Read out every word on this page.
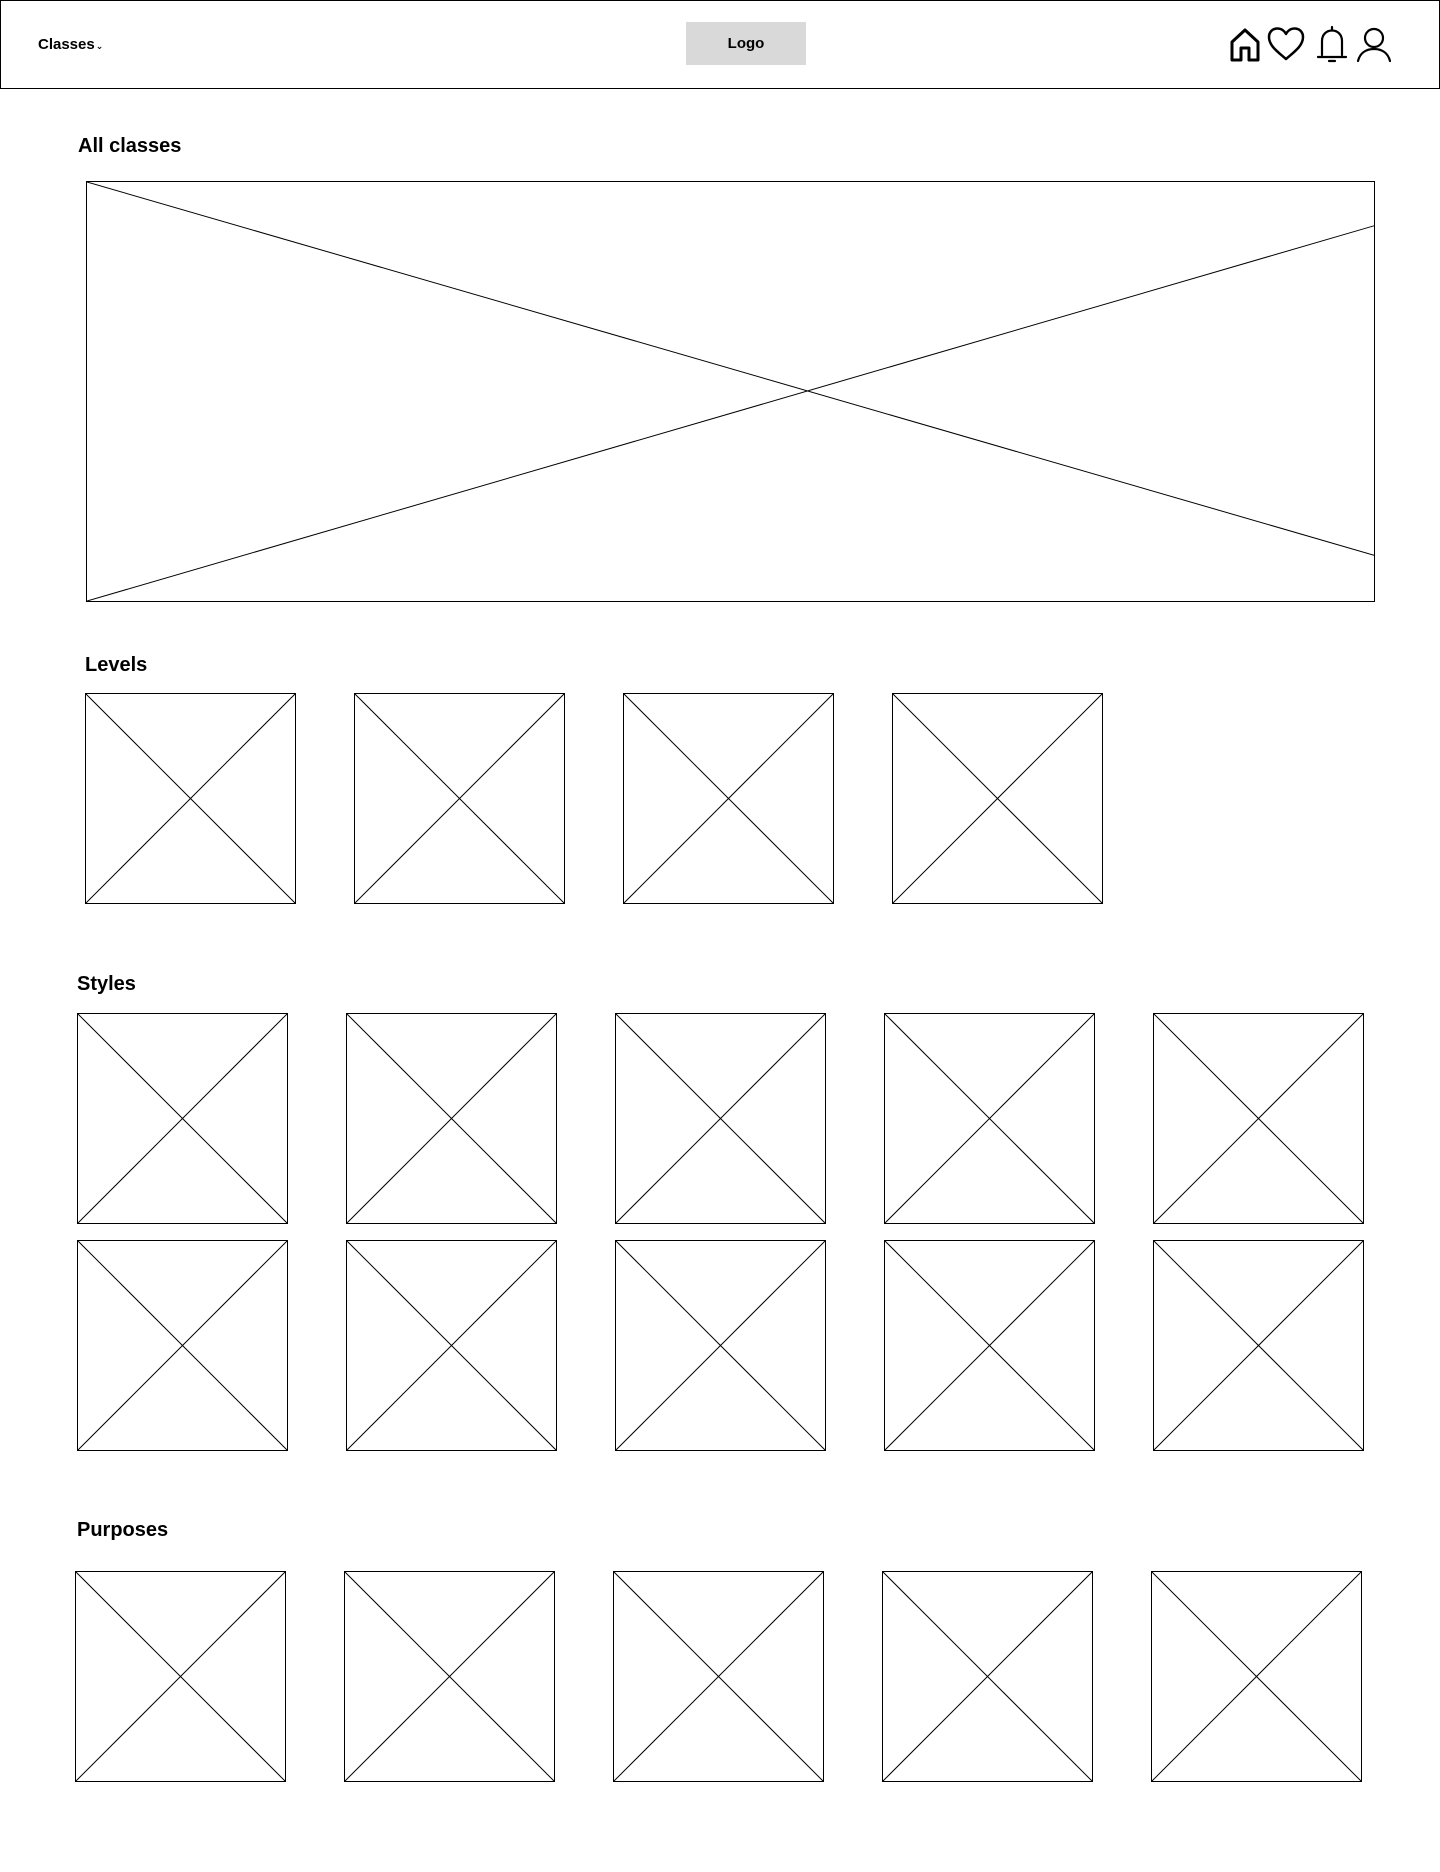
Classes ⌄	Logo
All classes
Levels
Styles
Purposes
